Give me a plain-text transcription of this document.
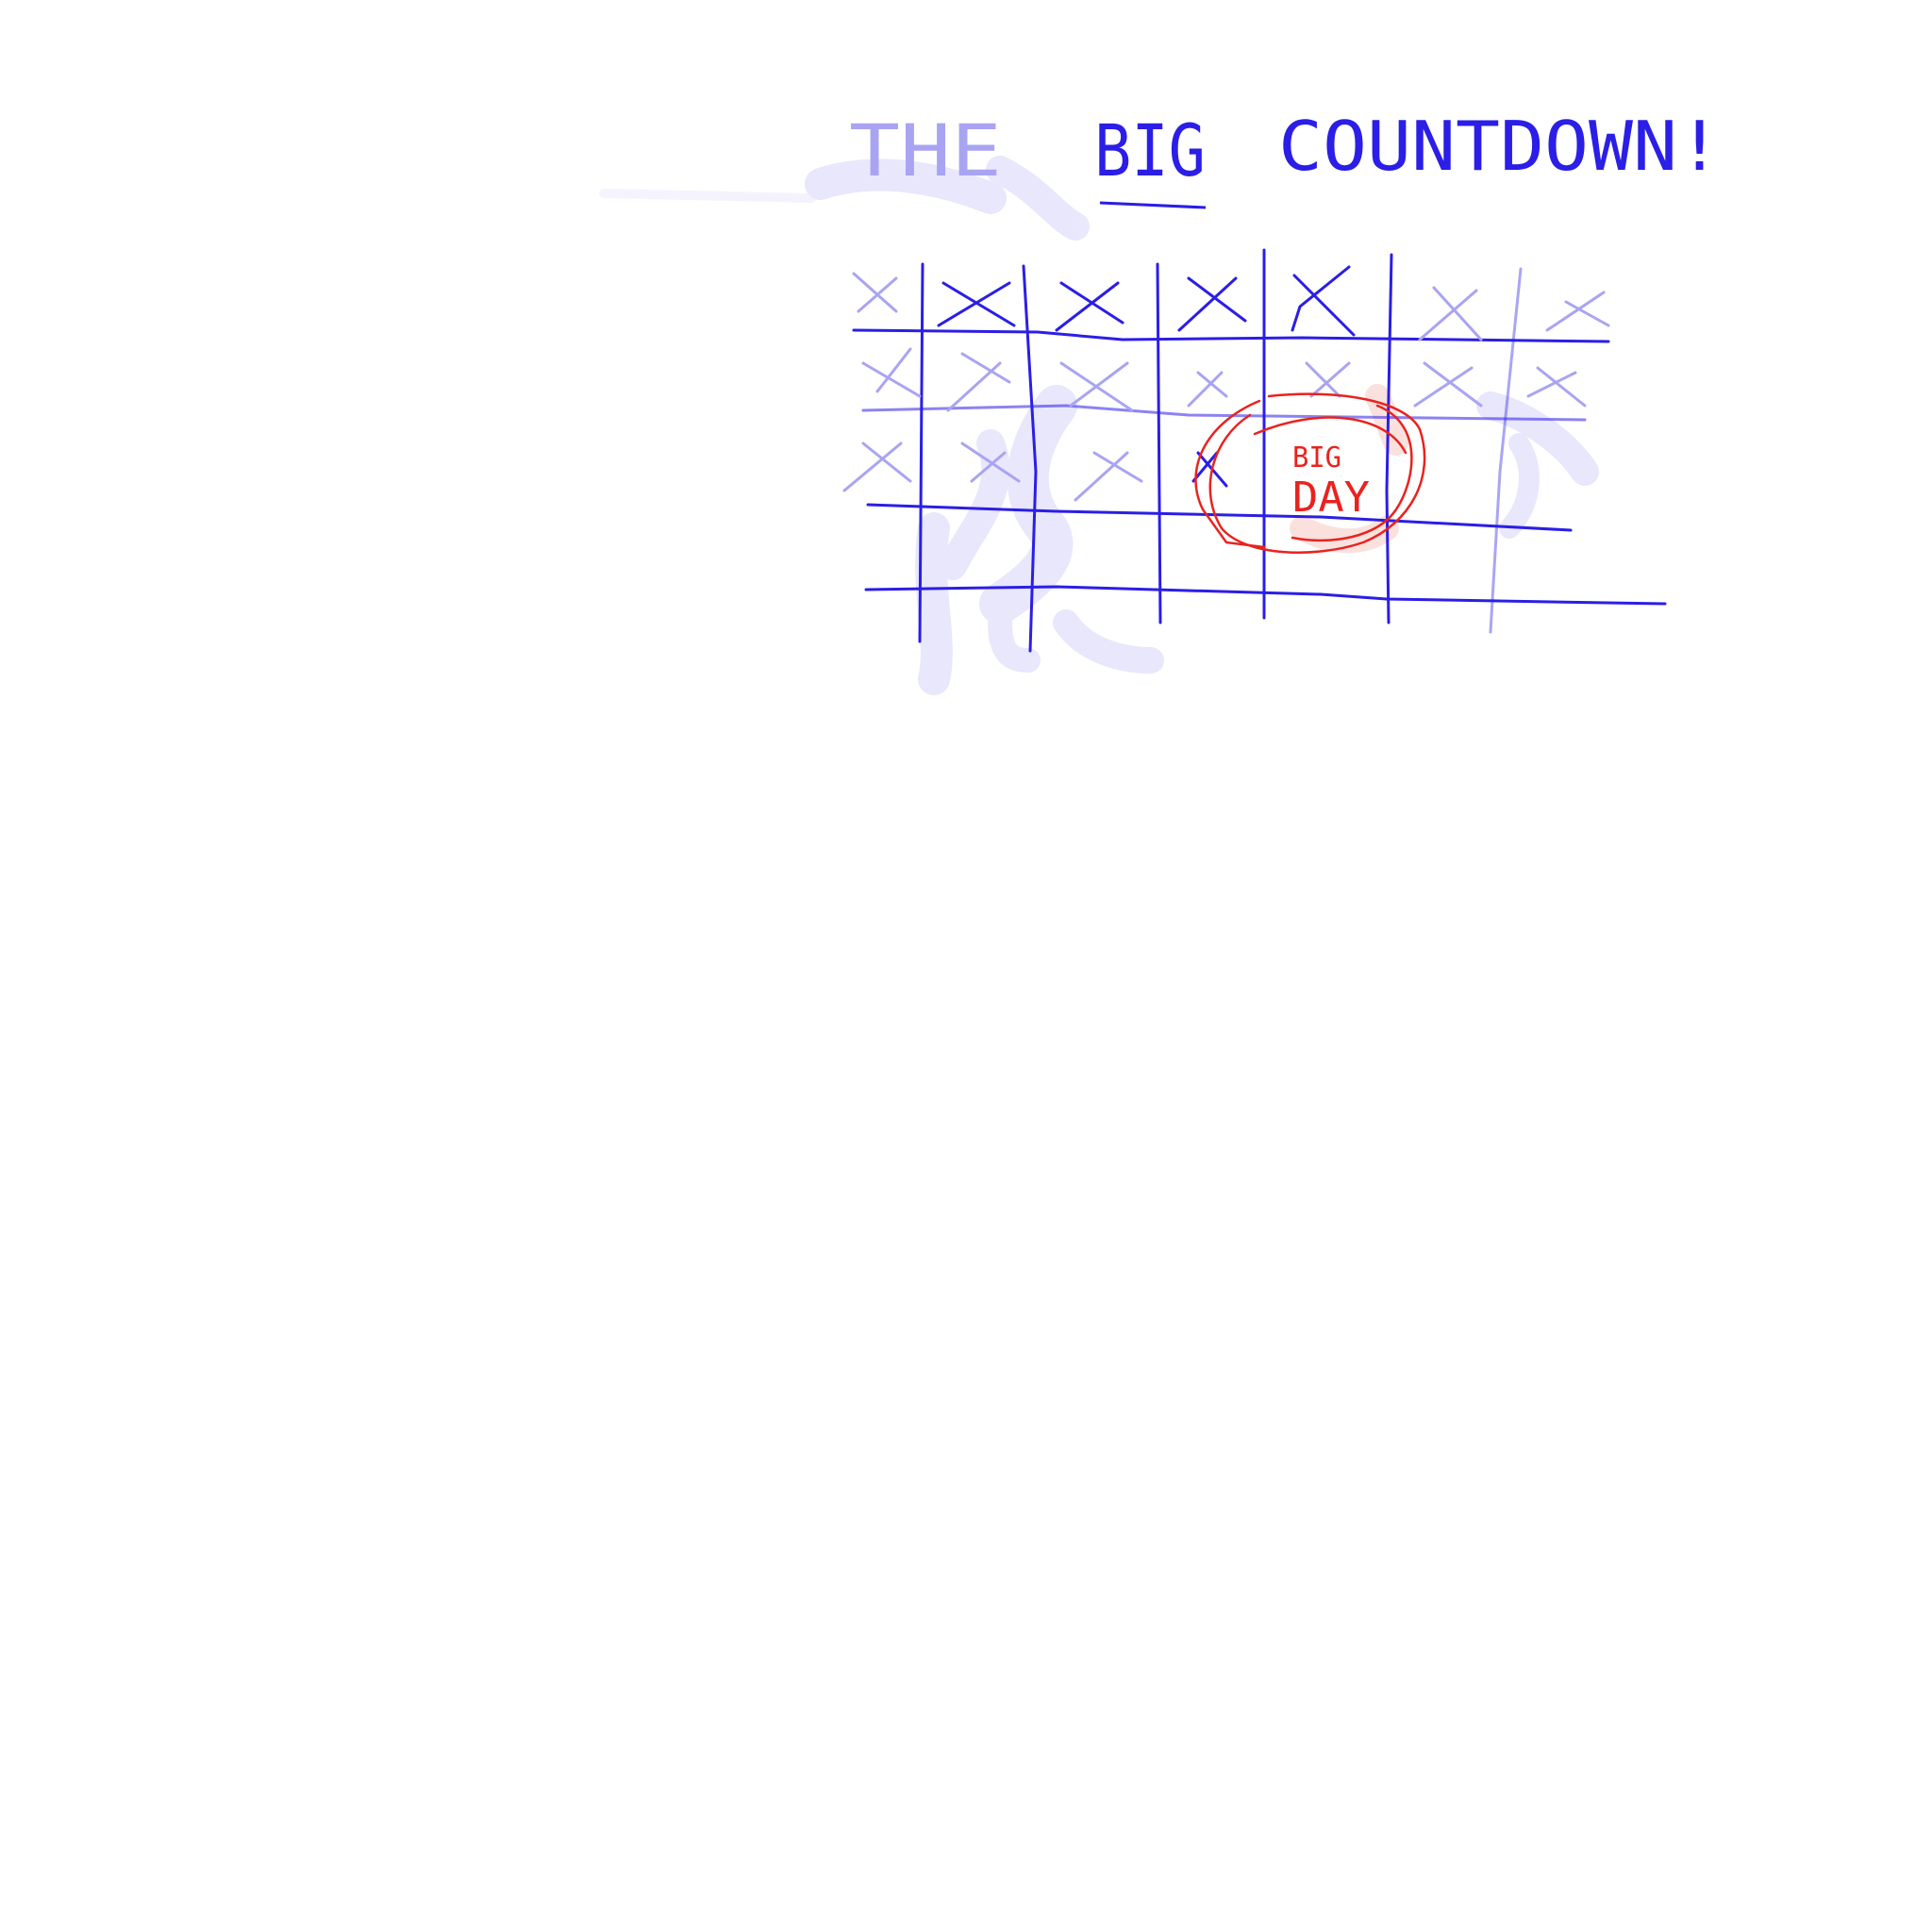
THE BIG COUNTDOWN!
BIG
DAY
